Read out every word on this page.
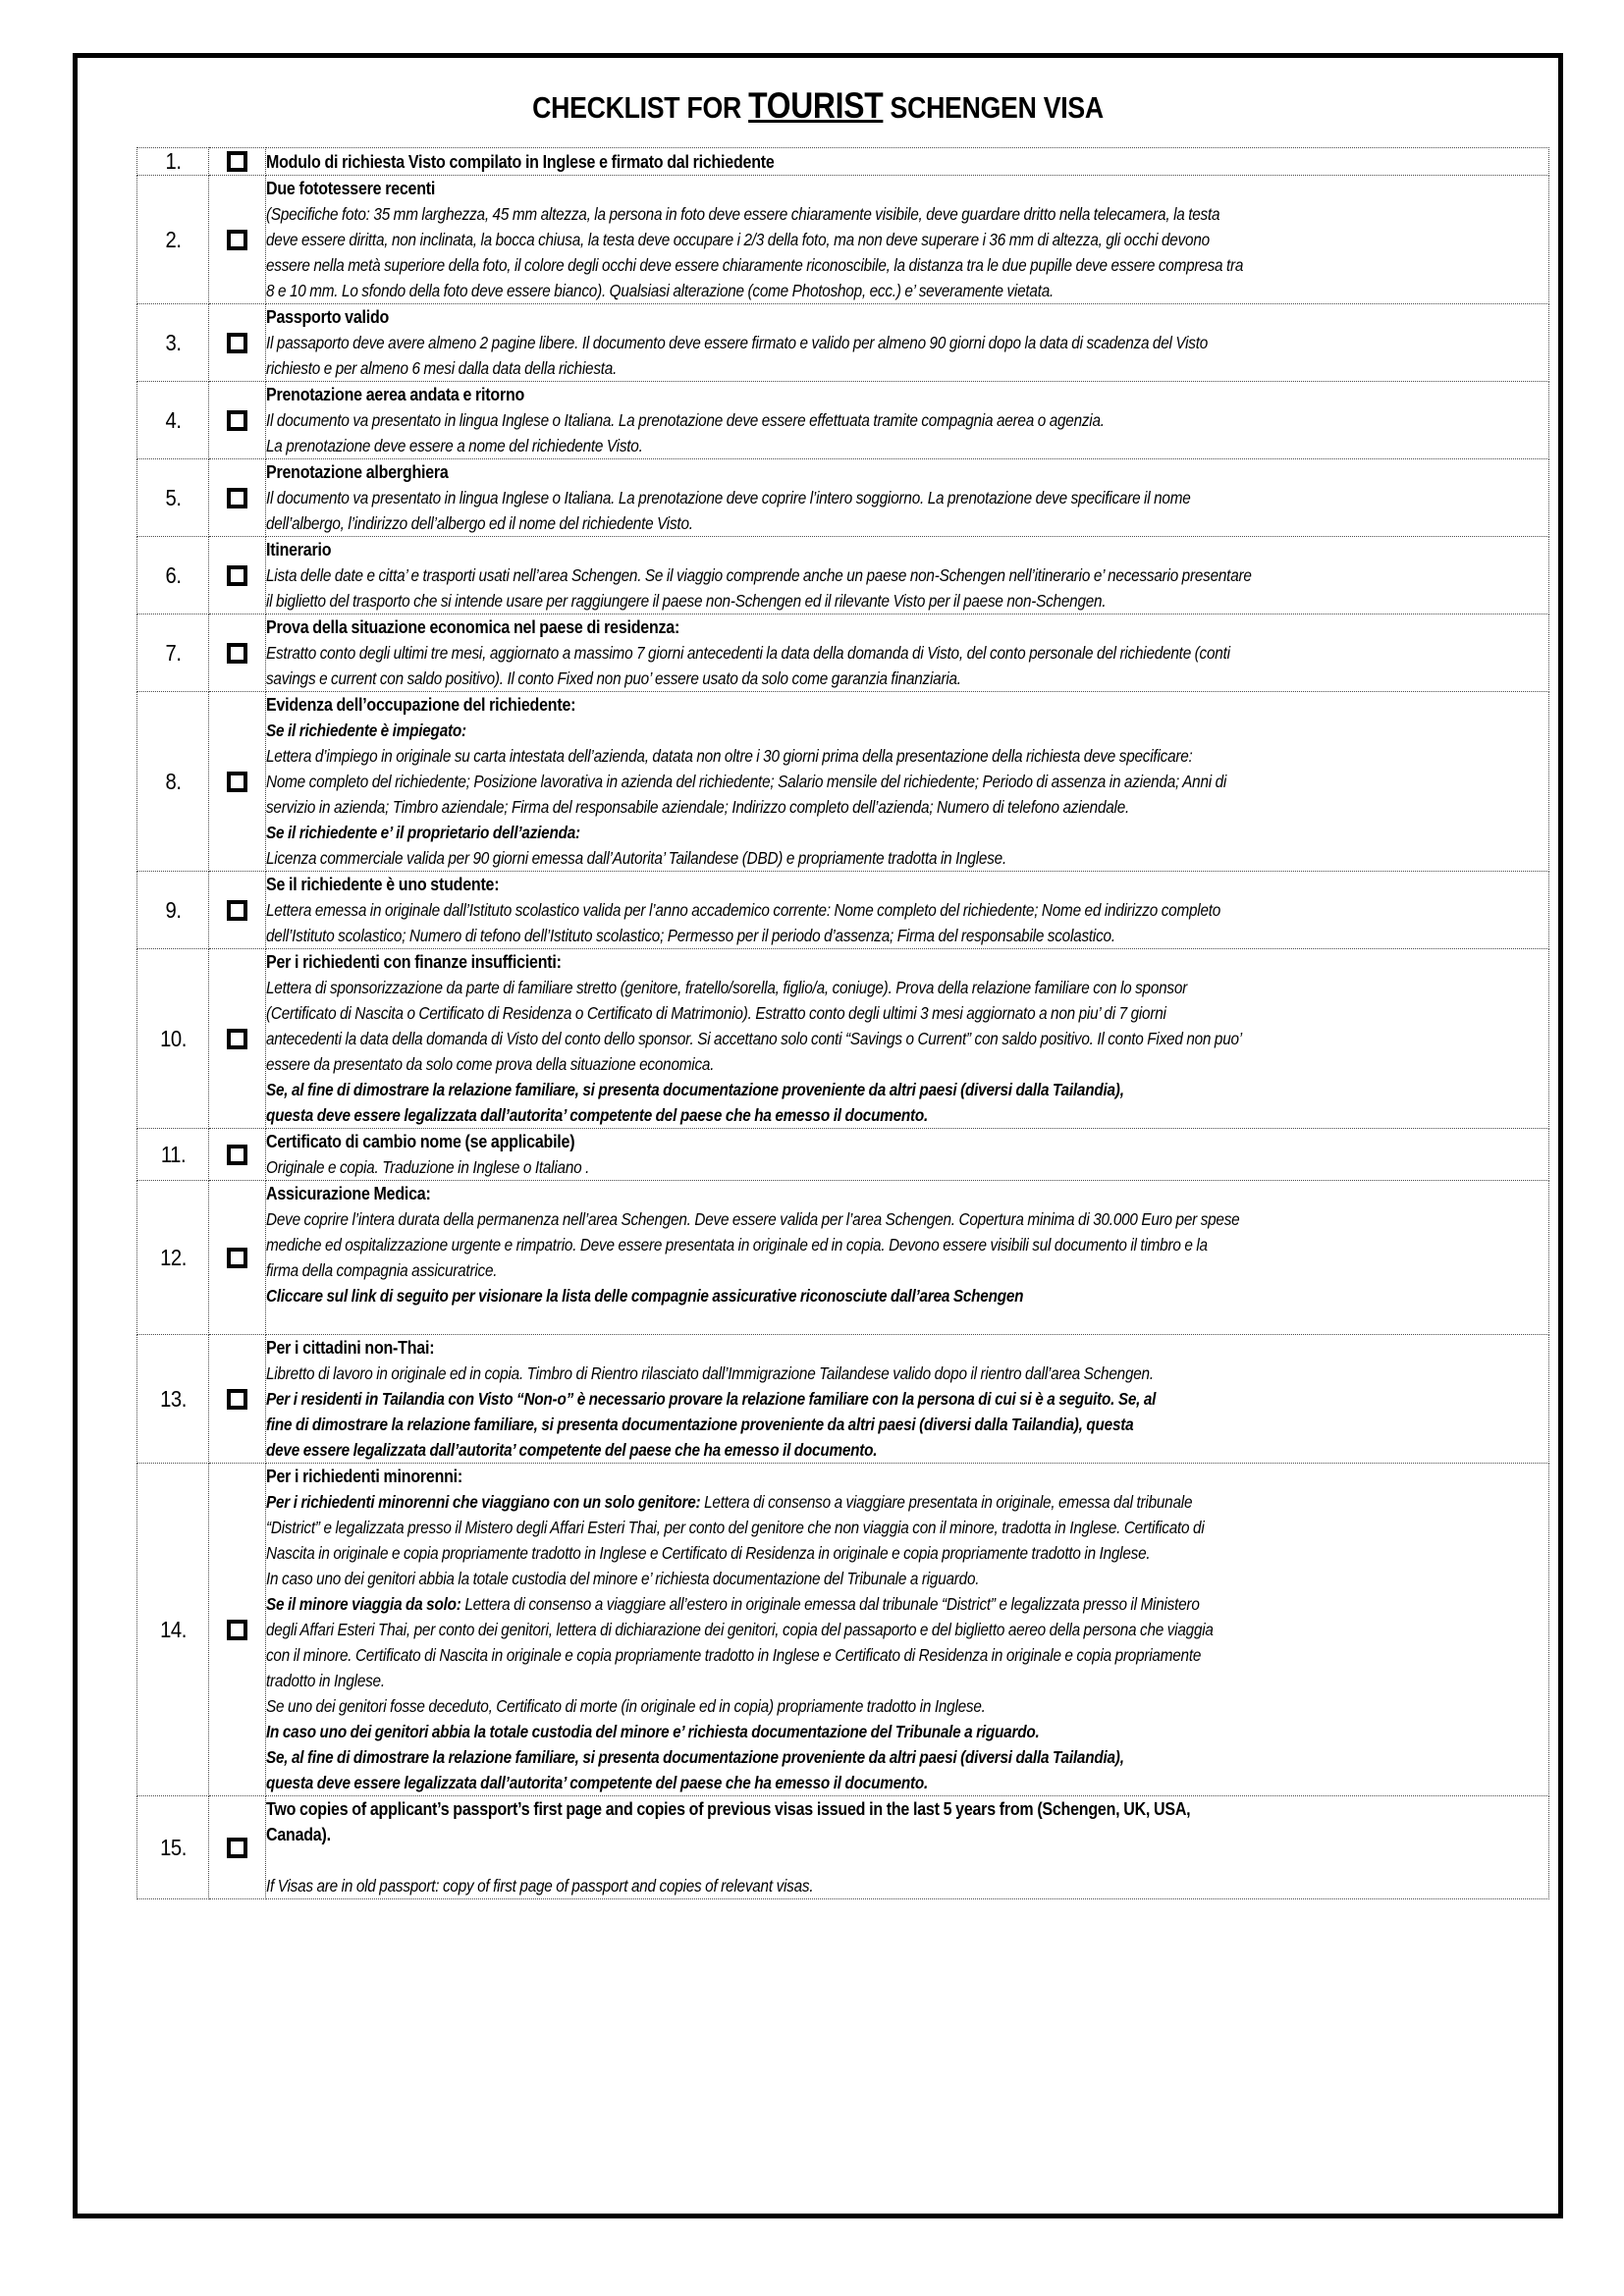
CHECKLIST FOR TOURIST SCHENGEN VISA
1.		Modulo di richiesta Visto compilato in Inglese e firmato dal richiedente

2.		Due fototessere recenti
(Specifiche foto: 35 mm larghezza, 45 mm altezza, la persona in foto deve essere chiaramente visibile, deve guardare dritto nella telecamera, la testa
deve essere diritta, non inclinata, la bocca chiusa, la testa deve occupare i 2/3 della foto, ma non deve superare i 36 mm di altezza, gli occhi devono
essere nella metà superiore della foto, il colore degli occhi deve essere chiaramente riconoscibile, la distanza tra le due pupille deve essere compresa tra
8 e 10 mm. Lo sfondo della foto deve essere bianco). Qualsiasi alterazione (come Photoshop, ecc.) e’ severamente vietata.

3.		Passporto valido
Il passaporto deve avere almeno 2 pagine libere. Il documento deve essere firmato e valido per almeno 90 giorni dopo la data di scadenza del Visto
richiesto e per almeno 6 mesi dalla data della richiesta.

4.		Prenotazione aerea andata e ritorno
Il documento va presentato in lingua Inglese o Italiana. La prenotazione deve essere effettuata tramite compagnia aerea o agenzia.
La prenotazione deve essere a nome del richiedente Visto.

5.		Prenotazione alberghiera
Il documento va presentato in lingua Inglese o Italiana. La prenotazione deve coprire l’intero soggiorno. La prenotazione deve specificare il nome
dell’albergo, l’indirizzo dell’albergo ed il nome del richiedente Visto.

6.		Itinerario
Lista delle date e citta’ e trasporti usati nell’area Schengen. Se il viaggio comprende anche un paese non-Schengen nell’itinerario e’ necessario presentare
il biglietto del trasporto che si intende usare per raggiungere il paese non-Schengen ed il rilevante Visto per il paese non-Schengen.

7.		Prova della situazione economica nel paese di residenza:
Estratto conto degli ultimi tre mesi, aggiornato a massimo 7 giorni antecedenti la data della domanda di Visto, del conto personale del richiedente (conti
savings e current con saldo positivo). Il conto Fixed non puo’ essere usato da solo come garanzia finanziaria.

8.		
Evidenza dell’occupazione del richiedente:
Se il richiedente è impiegato:
Lettera d’impiego in originale su carta intestata dell’azienda, datata non oltre i 30 giorni prima della presentazione della richiesta deve specificare:
Nome completo del richiedente; Posizione lavorativa in azienda del richiedente; Salario mensile del richiedente; Periodo di assenza in azienda; Anni di
servizio in azienda; Timbro aziendale; Firma del responsabile aziendale; Indirizzo completo dell’azienda; Numero di telefono aziendale.
Se il richiedente e’ il proprietario dell’azienda:
Licenza commerciale valida per 90 giorni emessa dall’Autorita’ Tailandese (DBD) e propriamente tradotta in Inglese.

9.		Se il richiedente è uno studente:
Lettera emessa in originale dall’Istituto scolastico valida per l’anno accademico corrente: Nome completo del richiedente; Nome ed indirizzo completo
dell’Istituto scolastico; Numero di tefono dell’Istituto scolastico; Permesso per il periodo d’assenza; Firma del responsabile scolastico.

10.		
Per i richiedenti con finanze insufficienti:
Lettera di sponsorizzazione da parte di familiare stretto (genitore, fratello/sorella, figlio/a, coniuge). Prova della relazione familiare con lo sponsor
(Certificato di Nascita o Certificato di Residenza o Certificato di Matrimonio). Estratto conto degli ultimi 3 mesi aggiornato a non piu’ di 7 giorni
antecedenti la data della domanda di Visto del conto dello sponsor. Si accettano solo conti “Savings o Current” con saldo positivo. Il conto Fixed non puo’
essere da presentato da solo come prova della situazione economica.
Se, al fine di dimostrare la relazione familiare, si presenta documentazione proveniente da altri paesi (diversi dalla Tailandia),
questa deve essere legalizzata dall’autorita’ competente del paese che ha emesso il documento.

11.		Certificato di cambio nome (se applicabile)
Originale e copia. Traduzione in Inglese o Italiano .

12.		Assicurazione Medica:
Deve coprire l’intera durata della permanenza nell’area Schengen. Deve essere valida per l’area Schengen. Copertura minima di 30.000 Euro per spese
mediche ed ospitalizzazione urgente e rimpatrio. Deve essere presentata in originale ed in copia. Devono essere visibili sul documento il timbro e la
firma della compagnia assicuratrice.
Cliccare sul link di seguito per visionare la lista delle compagnie assicurative riconosciute dall’area Schengen

13.		Per i cittadini non-Thai:
Libretto di lavoro in originale ed in copia. Timbro di Rientro rilasciato dall’Immigrazione Tailandese valido dopo il rientro dall’area Schengen.
Per i residenti in Tailandia con Visto “Non-o” è necessario provare la relazione familiare con la persona di cui si è a seguito. Se, al
fine di dimostrare la relazione familiare, si presenta documentazione proveniente da altri paesi (diversi dalla Tailandia), questa
deve essere legalizzata dall’autorita’ competente del paese che ha emesso il documento.

14.		
Per i richiedenti minorenni:
Per i richiedenti minorenni che viaggiano con un solo genitore: Lettera di consenso a viaggiare presentata in originale, emessa dal tribunale
“District” e legalizzata presso il Mistero degli Affari Esteri Thai, per conto del genitore che non viaggia con il minore, tradotta in Inglese. Certificato di
Nascita in originale e copia propriamente tradotto in Inglese e Certificato di Residenza in originale e copia propriamente tradotto in Inglese.
In caso uno dei genitori abbia la totale custodia del minore e’ richiesta documentazione del Tribunale a riguardo.
Se il minore viaggia da solo: Lettera di consenso a viaggiare all’estero in originale emessa dal tribunale “District” e legalizzata presso il Ministero
degli Affari Esteri Thai, per conto dei genitori, lettera di dichiarazione dei genitori, copia del passaporto e del biglietto aereo della persona che viaggia
con il minore. Certificato di Nascita in originale e copia propriamente tradotto in Inglese e Certificato di Residenza in originale e copia propriamente
tradotto in Inglese.
Se uno dei genitori fosse deceduto, Certificato di morte (in originale ed in copia) propriamente tradotto in Inglese.
In caso uno dei genitori abbia la totale custodia del minore e’ richiesta documentazione del Tribunale a riguardo.
Se, al fine di dimostrare la relazione familiare, si presenta documentazione proveniente da altri paesi (diversi dalla Tailandia),
questa deve essere legalizzata dall’autorita’ competente del paese che ha emesso il documento.

15.		Two copies of applicant’s passport’s first page and copies of previous visas issued in the last 5 years from (Schengen, UK, USA,
Canada).

If Visas are in old passport: copy of first page of passport and copies of relevant visas.
